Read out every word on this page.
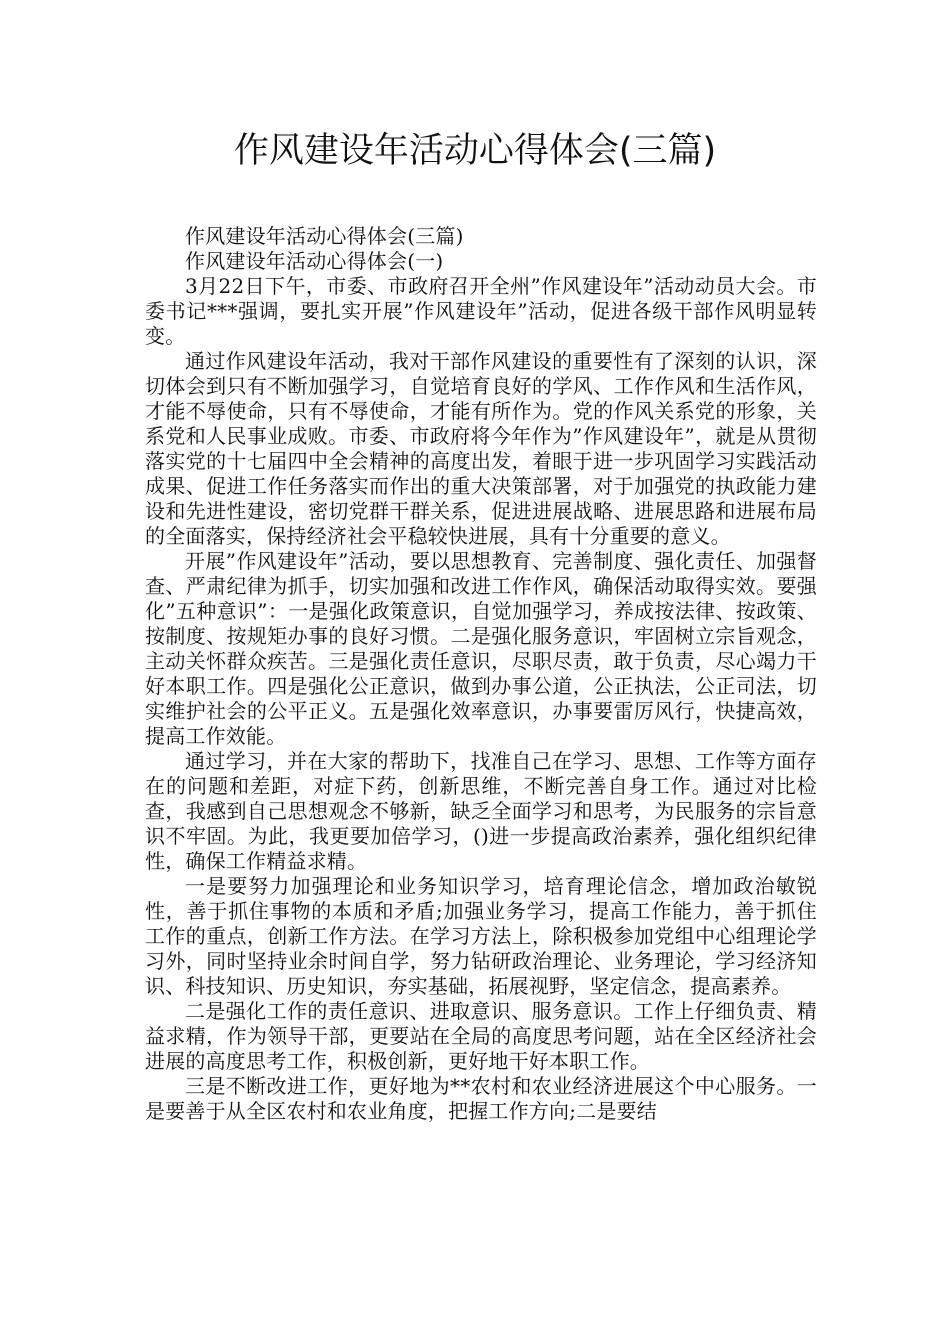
作风建设年活动心得体会(三篇)

作风建设年活动心得体会(三篇)

作风建设年活动心得体会(一)

3月22日下午，市委、市政府召开全州”作风建设年”活动动员大会。市委书记***强调，要扎实开展”作风建设年”活动，促进各级干部作风明显转变。

通过作风建设年活动，我对干部作风建设的重要性有了深刻的认识，深切体会到只有不断加强学习，自觉培育良好的学风、工作作风和生活作风，才能不辱使命，只有不辱使命，才能有所作为。党的作风关系党的形象，关系党和人民事业成败。市委、市政府将今年作为”作风建设年”，就是从贯彻落实党的十七届四中全会精神的高度出发，着眼于进一步巩固学习实践活动成果、促进工作任务落实而作出的重大决策部署，对于加强党的执政能力建设和先进性建设，密切党群干群关系，促进进展战略、进展思路和进展布局的全面落实，保持经济社会平稳较快进展，具有十分重要的意义。

开展”作风建设年”活动，要以思想教育、完善制度、强化责任、加强督查、严肃纪律为抓手，切实加强和改进工作作风，确保活动取得实效。要强化”五种意识”：一是强化政策意识，自觉加强学习，养成按法律、按政策、按制度、按规矩办事的良好习惯。二是强化服务意识，牢固树立宗旨观念，主动关怀群众疾苦。三是强化责任意识，尽职尽责，敢于负责，尽心竭力干好本职工作。四是强化公正意识，做到办事公道，公正执法，公正司法，切实维护社会的公平正义。五是强化效率意识，办事要雷厉风行，快捷高效，提高工作效能。

通过学习，并在大家的帮助下，找准自己在学习、思想、工作等方面存在的问题和差距，对症下药，创新思维，不断完善自身工作。通过对比检查，我感到自己思想观念不够新，缺乏全面学习和思考，为民服务的宗旨意识不牢固。为此，我更要加倍学习，()进一步提高政治素养，强化组织纪律性，确保工作精益求精。

一是要努力加强理论和业务知识学习，培育理论信念，增加政治敏锐性，善于抓住事物的本质和矛盾;加强业务学习，提高工作能力，善于抓住工作的重点，创新工作方法。在学习方法上，除积极参加党组中心组理论学习外，同时坚持业余时间自学，努力钻研政治理论、业务理论，学习经济知识、科技知识、历史知识，夯实基础，拓展视野，坚定信念，提高素养。

二是强化工作的责任意识、进取意识、服务意识。工作上仔细负责、精益求精，作为领导干部，更要站在全局的高度思考问题，站在全区经济社会进展的高度思考工作，积极创新，更好地干好本职工作。

三是不断改进工作，更好地为**农村和农业经济进展这个中心服务。一是要善于从全区农村和农业角度，把握工作方向;二是要结
